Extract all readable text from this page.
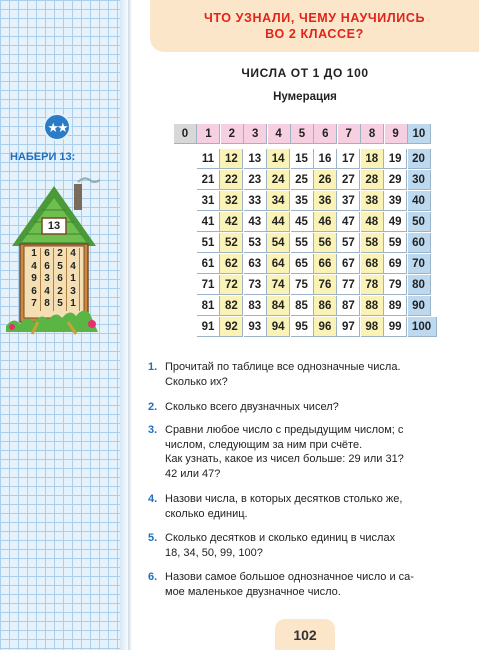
★★
НАБЕРИ 13:
13
1 6 2 4
4 6 5 4
9 3 6 1
6 4 2 3
7 8 5 1
ЧТО УЗНАЛИ, ЧЕМУ НАУЧИЛИСЬ
ВО 2 КЛАССЕ?
ЧИСЛА ОТ 1 ДО 100
Нумерация
0	1	2	3	4	5	6	7	8	9	10
11 12 13 14 15 16 17 18 19 20
21 22 23 24 25 26 27 28 29 30
31 32 33 34 35 36 37 38 39 40
41 42 43 44 45 46 47 48 49 50
51 52 53 54 55 56 57 58 59 60
61 62 63 64 65 66 67 68 69 70
71 72 73 74 75 76 77 78 79 80
81 82 83 84 85 86 87 88 89 90
91 92 93 94 95 96 97 98 99 100
1. Прочитай по таблице все однозначные числа.
Сколько их?
2. Сколько всего двузначных чисел?
3. Сравни любое число с предыдущим числом; с
числом, следующим за ним при счёте.
Как узнать, какое из чисел больше: 29 или 31?
42 или 47?
4. Назови числа, в которых десятков столько же,
сколько единиц.
5. Сколько десятков и сколько единиц в числах
18, 34, 50, 99, 100?
6. Назови самое большое однозначное число и са-
мое маленькое двузначное число.
102
